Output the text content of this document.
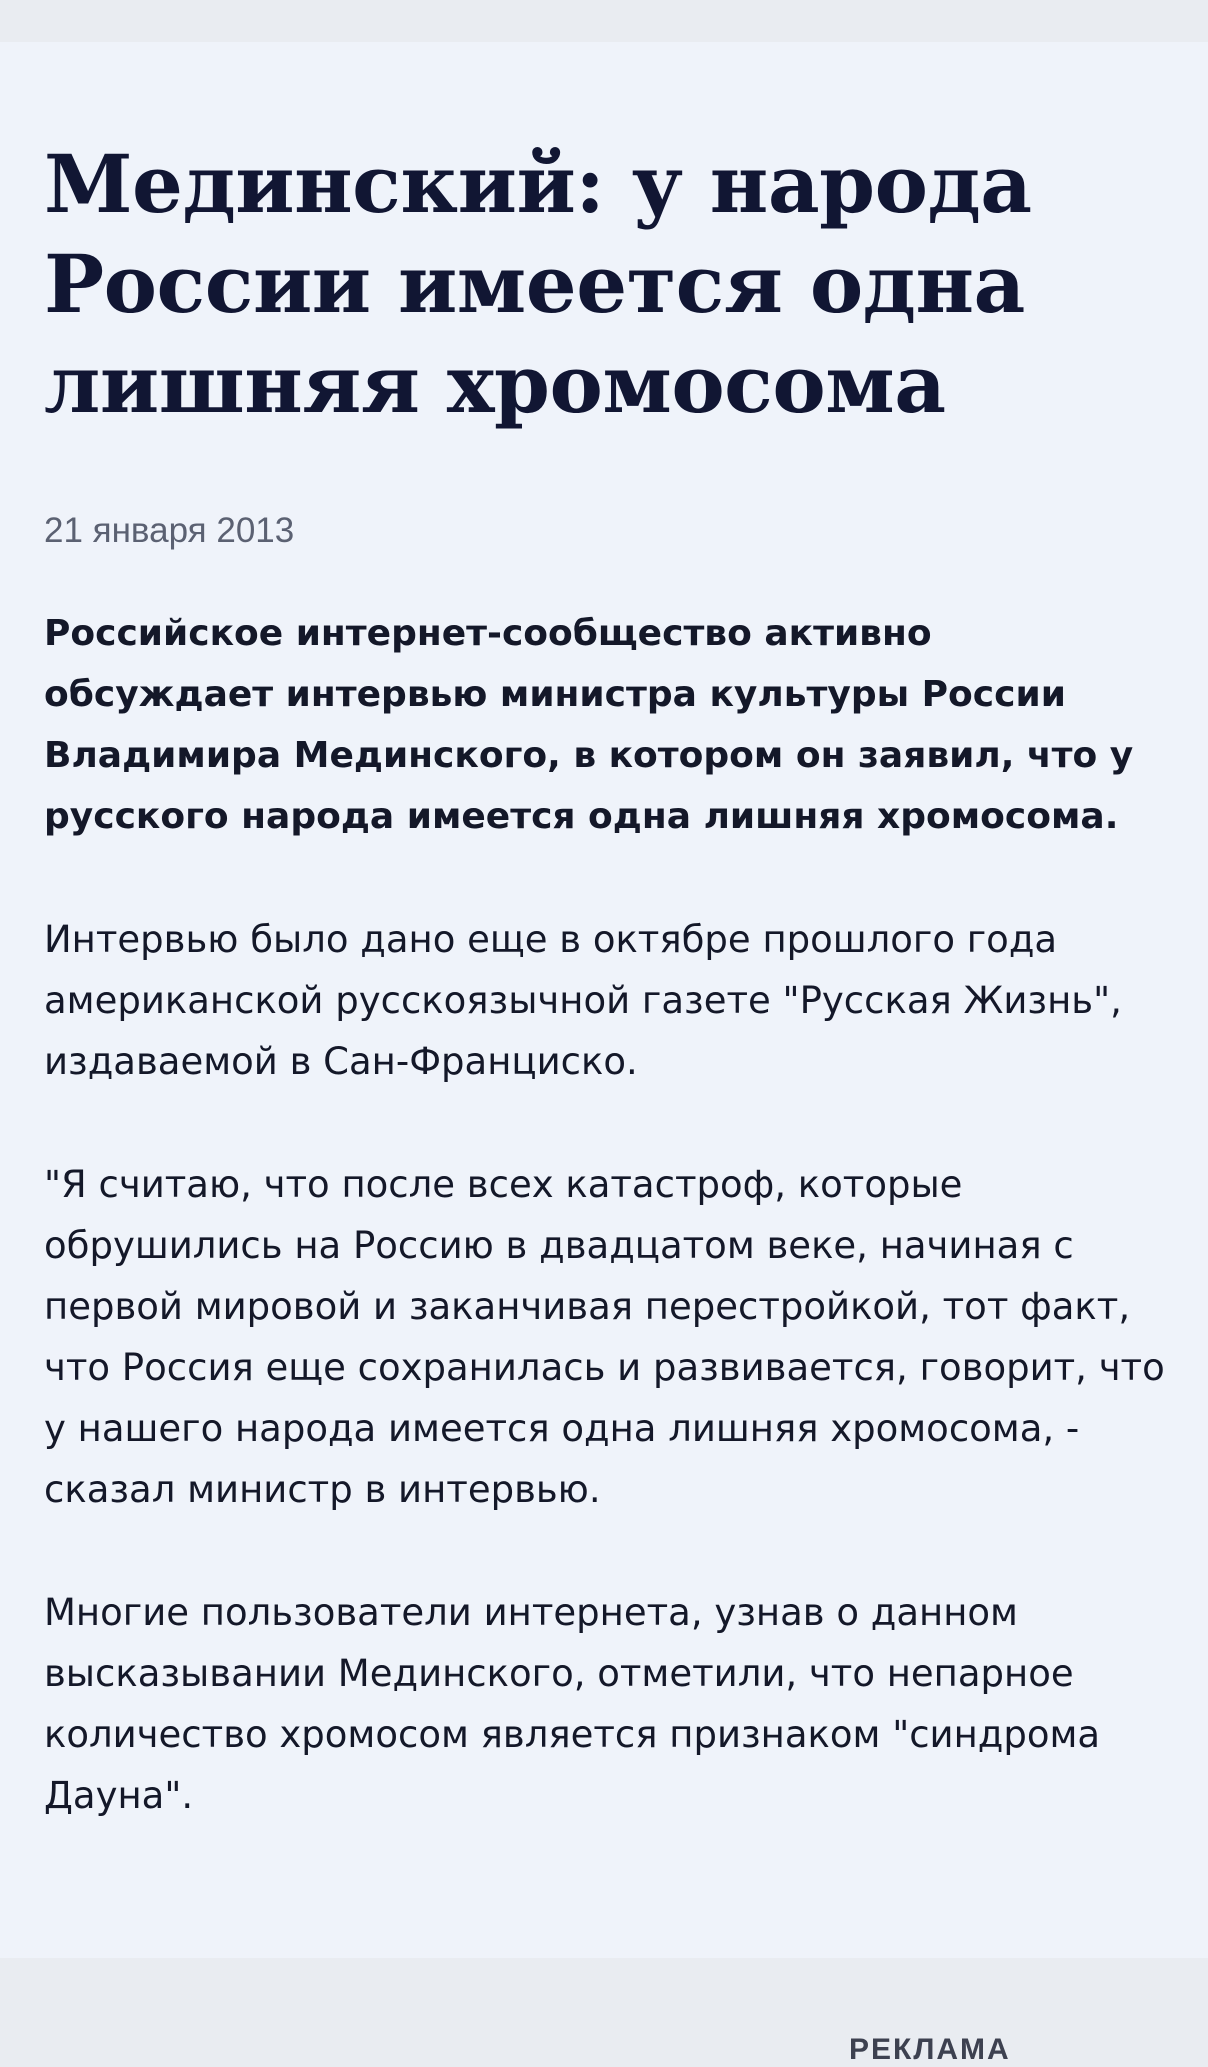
Мединский: у народа России имеется одна лишняя хромосома
21 января 2013

Российское интернет-сообщество активно обсуждает интервью министра культуры России Владимира Мединского, в котором он заявил, что у русского народа имеется одна лишняя хромосома.

Интервью было дано еще в октябре прошлого года американской русскоязычной газете "Русская Жизнь", издаваемой в Сан-Франциско.

"Я считаю, что после всех катастроф, которые обрушились на Россию в двадцатом веке, начиная с первой мировой и заканчивая перестройкой, тот факт, что Россия еще сохранилась и развивается, говорит, что у нашего народа имеется одна лишняя хромосома, - сказал министр в интервью.

Многие пользователи интернета, узнав о данном высказывании Мединского, отметили, что непарное количество хромосом является признаком "синдрома Дауна".

РЕКЛАМА
